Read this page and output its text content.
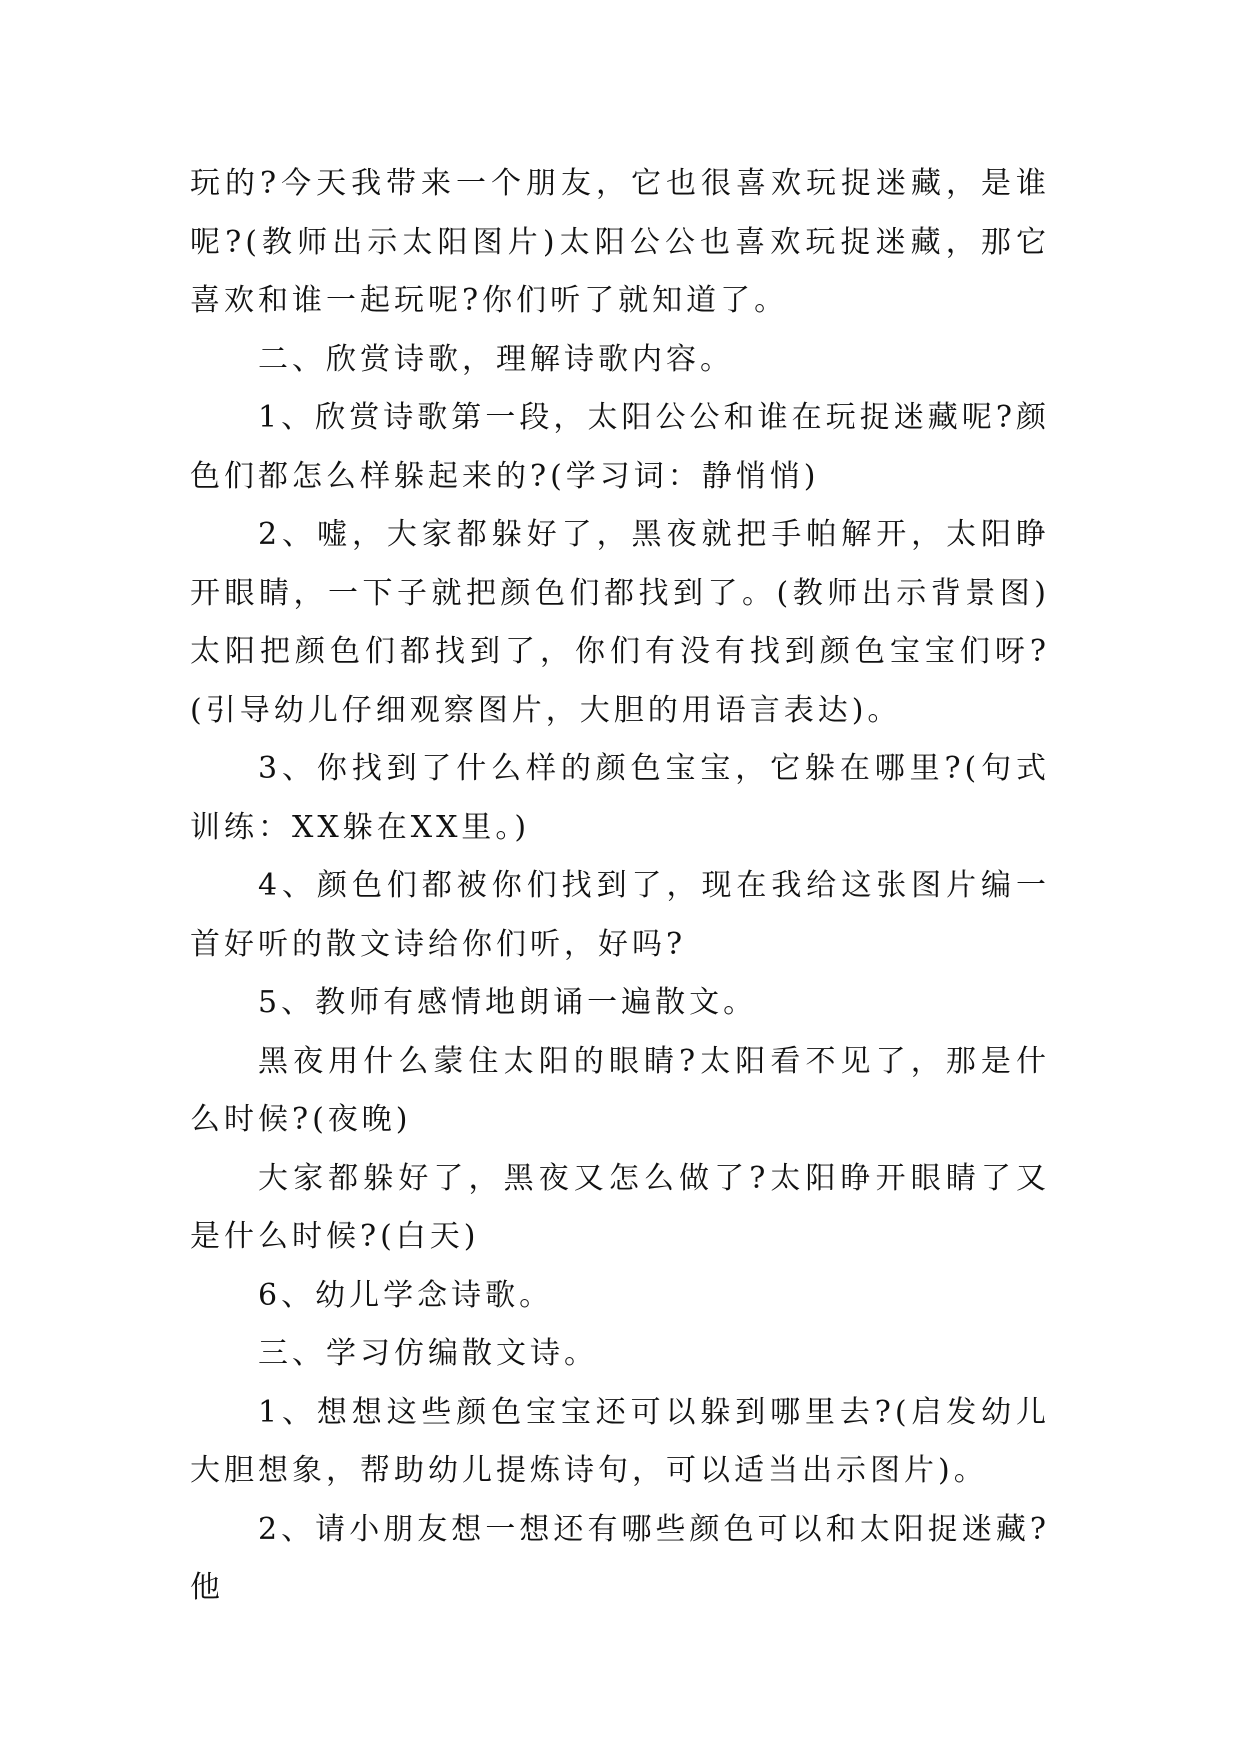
玩的?今天我带来一个朋友，它也很喜欢玩捉迷藏，是谁呢?(教师出示太阳图片)太阳公公也喜欢玩捉迷藏，那它喜欢和谁一起玩呢?你们听了就知道了。

二、欣赏诗歌，理解诗歌内容。

1、欣赏诗歌第一段，太阳公公和谁在玩捉迷藏呢?颜色们都怎么样躲起来的?(学习词：静悄悄)

2、嘘，大家都躲好了，黑夜就把手帕解开，太阳睁开眼睛，一下子就把颜色们都找到了。(教师出示背景图)太阳把颜色们都找到了，你们有没有找到颜色宝宝们呀?(引导幼儿仔细观察图片，大胆的用语言表达)。

3、你找到了什么样的颜色宝宝，它躲在哪里?(句式训练：XX躲在XX里。)

4、颜色们都被你们找到了，现在我给这张图片编一首好听的散文诗给你们听，好吗?

5、教师有感情地朗诵一遍散文。

黑夜用什么蒙住太阳的眼睛?太阳看不见了，那是什么时候?(夜晚)

大家都躲好了，黑夜又怎么做了?太阳睁开眼睛了又是什么时候?(白天)

6、幼儿学念诗歌。

三、学习仿编散文诗。

1、想想这些颜色宝宝还可以躲到哪里去?(启发幼儿大胆想象，帮助幼儿提炼诗句，可以适当出示图片)。

2、请小朋友想一想还有哪些颜色可以和太阳捉迷藏?他
